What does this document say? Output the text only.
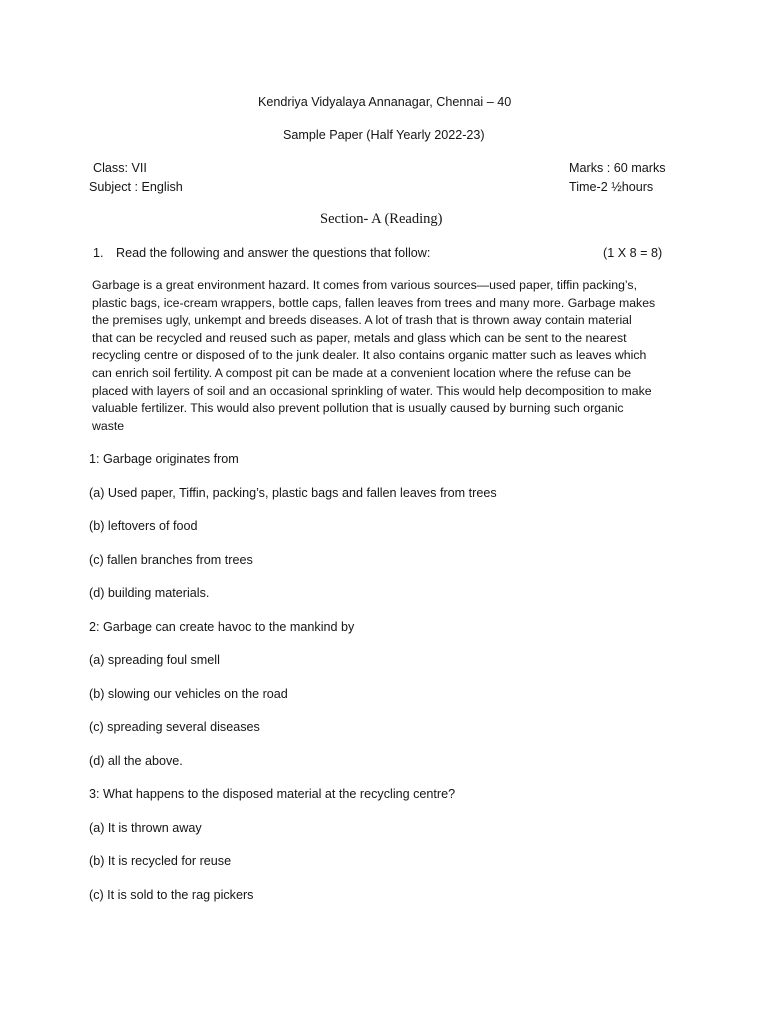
Kendriya Vidyalaya Annanagar, Chennai – 40
Sample Paper (Half Yearly 2022-23)
Class: VII	Marks : 60 marks
Subject : English	Time-2 ½hours
Section- A (Reading)
1. Read the following and answer the questions that follow:	(1 X 8 = 8)
Garbage is a great environment hazard. It comes from various sources—used paper, tiffin packing’s,
plastic bags, ice-cream wrappers, bottle caps, fallen leaves from trees and many more. Garbage makes
the premises ugly, unkempt and breeds diseases. A lot of trash that is thrown away contain material
that can be recycled and reused such as paper, metals and glass which can be sent to the nearest
recycling centre or disposed of to the junk dealer. It also contains organic matter such as leaves which
can enrich soil fertility. A compost pit can be made at a convenient location where the refuse can be
placed with layers of soil and an occasional sprinkling of water. This would help decomposition to make
valuable fertilizer. This would also prevent pollution that is usually caused by burning such organic
waste
1: Garbage originates from
(a) Used paper, Tiffin, packing’s, plastic bags and fallen leaves from trees
(b) leftovers of food
(c) fallen branches from trees
(d) building materials.
2: Garbage can create havoc to the mankind by
(a) spreading foul smell
(b) slowing our vehicles on the road
(c) spreading several diseases
(d) all the above.
3: What happens to the disposed material at the recycling centre?
(a) It is thrown away
(b) It is recycled for reuse
(c) It is sold to the rag pickers
